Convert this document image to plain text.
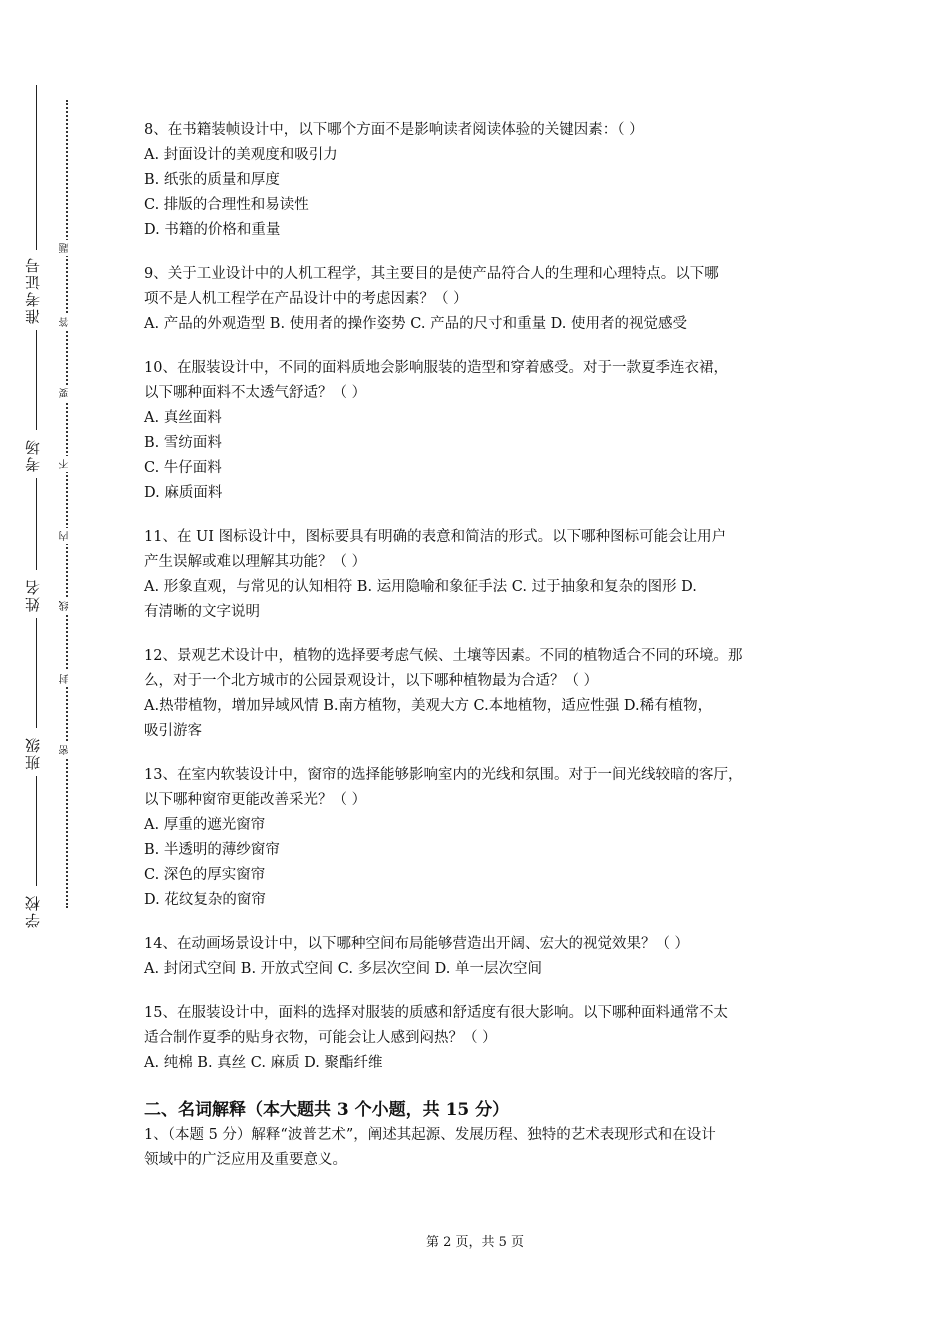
准考证号
考场
姓名
班级
学校
题
答
要
不
内
线
封
密

8、在书籍装帧设计中，以下哪个方面不是影响读者阅读体验的关键因素：（ ）

A. 封面设计的美观度和吸引力

B. 纸张的质量和厚度

C. 排版的合理性和易读性

D. 书籍的价格和重量

9、关于工业设计中的人机工程学，其主要目的是使产品符合人的生理和心理特点。以下哪

项不是人机工程学在产品设计中的考虑因素？（ ）

A. 产品的外观造型 B. 使用者的操作姿势 C. 产品的尺寸和重量 D. 使用者的视觉感受

10、在服装设计中，不同的面料质地会影响服装的造型和穿着感受。对于一款夏季连衣裙，

以下哪种面料不太透气舒适？（ ）

A. 真丝面料

B. 雪纺面料

C. 牛仔面料

D. 麻质面料

11、在 UI 图标设计中，图标要具有明确的表意和简洁的形式。以下哪种图标可能会让用户

产生误解或难以理解其功能？（ ）

A. 形象直观，与常见的认知相符 B. 运用隐喻和象征手法 C. 过于抽象和复杂的图形 D.

有清晰的文字说明

12、景观艺术设计中，植物的选择要考虑气候、土壤等因素。不同的植物适合不同的环境。那

么，对于一个北方城市的公园景观设计，以下哪种植物最为合适？（ ）

A.热带植物，增加异域风情 B.南方植物，美观大方 C.本地植物，适应性强 D.稀有植物，

吸引游客

13、在室内软装设计中，窗帘的选择能够影响室内的光线和氛围。对于一间光线较暗的客厅，

以下哪种窗帘更能改善采光？（ ）

A. 厚重的遮光窗帘

B. 半透明的薄纱窗帘

C. 深色的厚实窗帘

D. 花纹复杂的窗帘

14、在动画场景设计中，以下哪种空间布局能够营造出开阔、宏大的视觉效果？（ ）

A. 封闭式空间 B. 开放式空间 C. 多层次空间 D. 单一层次空间

15、在服装设计中，面料的选择对服装的质感和舒适度有很大影响。以下哪种面料通常不太

适合制作夏季的贴身衣物，可能会让人感到闷热？（ ）

A. 纯棉 B. 真丝 C. 麻质 D. 聚酯纤维

二、名词解释（本大题共 3 个小题，共 15 分）

1、（本题 5 分）解释“波普艺术”，阐述其起源、发展历程、独特的艺术表现形式和在设计

领域中的广泛应用及重要意义。

第 2 页，共 5 页
